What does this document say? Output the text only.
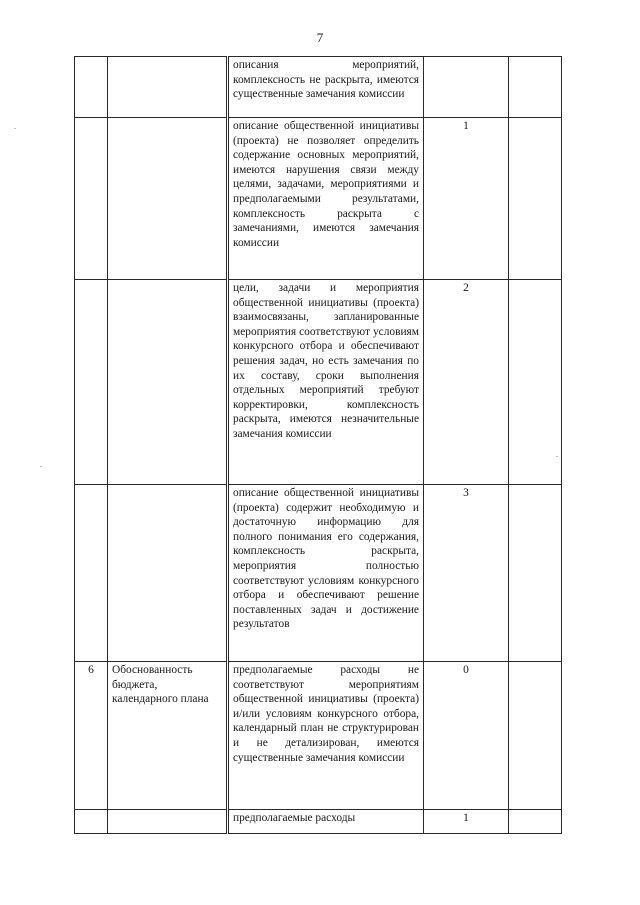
7

		описания мероприятий, комплексность не раскрыта, имеются существенные замечания комиссии		

		описание общественной инициативы (проекта) не позволяет определить содержание основных мероприятий, имеются нарушения связи между целями, задачами, мероприятиями и предполагаемыми результатами, комплексность раскрыта с замечаниями, имеются замечания комиссии	1	

		цели, задачи и мероприятия общественной инициативы (проекта) взаимосвязаны, запланированные мероприятия соответствуют условиям конкурсного отбора и обеспечивают решения задач, но есть замечания по их составу, сроки выполнения отдельных мероприятий требуют корректировки, комплексность раскрыта, имеются незначительные замечания комиссии	2	

		описание общественной инициативы (проекта) содержит необходимую и достаточную информацию для полного понимания его содержания, комплексность раскрыта, мероприятия полностью соответствуют условиям конкурсного отбора и обеспечивают решение поставленных задач и достижение результатов	3	

6	Обоснованность бюджета, календарного плана	предполагаемые расходы не соответствуют мероприятиям общественной инициативы (проекта) и/или условиям конкурсного отбора, календарный план не структурирован и не детализирован, имеются существенные замечания комиссии	0	

		предполагаемые расходы	1	
